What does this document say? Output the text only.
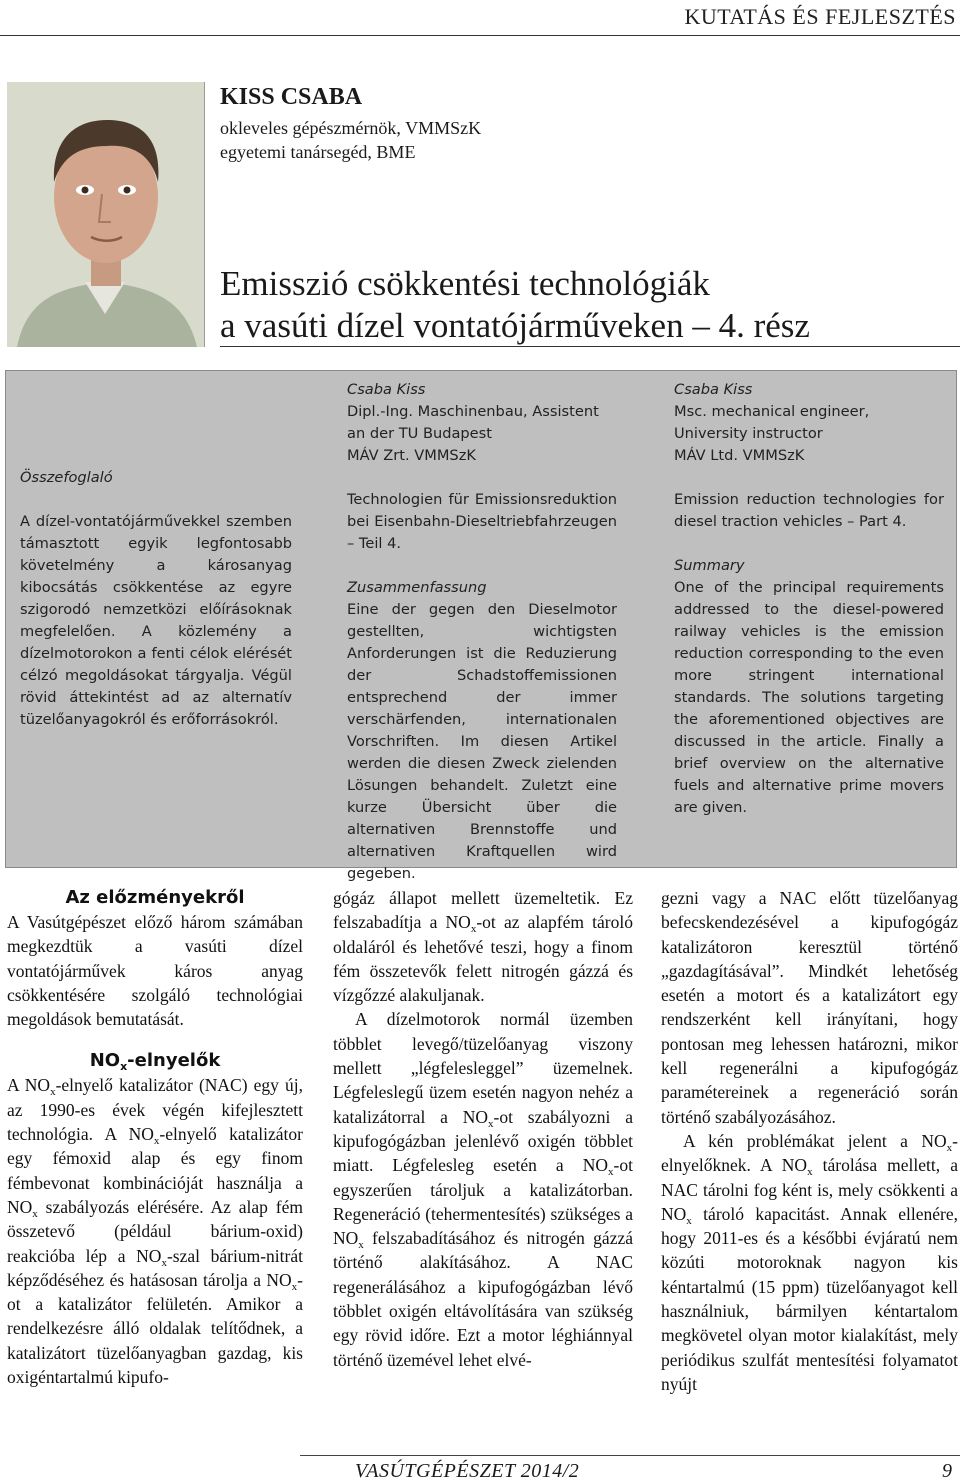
KUTATÁS ÉS FEJLESZTÉS
KISS CSABA
okleveles gépészmérnök, VMMSzK
egyetemi tanársegéd, BME
Emisszió csökkentési technológiák
a vasúti dízel vontatójárműveken – 4. rész

Összefoglaló

A dízel-vontatójárművekkel szemben támasztott egyik legfontosabb követelmény a károsanyag kibocsátás csökkentése az egyre szigorodó nemzetközi előírásoknak megfelelően. A közlemény a dízelmotorokon a fenti célok elérését célzó megoldásokat tárgyalja. Végül rövid áttekintést ad az alternatív tüzelőanyagokról és erőforrásokról.

Csaba Kiss

Dipl.-Ing. Maschinenbau, Assistent an der TU Budapest

MÁV Zrt. VMMSzK

Technologien für Emissionsreduktion bei Eisenbahn-Dieseltriebfahrzeugen – Teil 4.

Zusammenfassung

Eine der gegen den Dieselmotor gestellten, wichtigsten Anforderungen ist die Reduzierung der Schadstoffemissionen entsprechend der immer verschärfenden, internationalen Vorschriften. Im diesen Artikel werden die diesen Zweck zielenden Lösungen behandelt. Zuletzt eine kurze Übersicht über die alternativen Brennstoffe und alternativen Kraftquellen wird gegeben.

Csaba Kiss

Msc. mechanical engineer, University instructor

MÁV Ltd. VMMSzK

Emission reduction technologies for diesel traction vehicles – Part 4.

Summary

One of the principal requirements addressed to the diesel-powered railway vehicles is the emission reduction corresponding to the even more stringent international standards. The solutions targeting the aforementioned objectives are discussed in the article. Finally a brief overview on the alternative fuels and alternative prime movers are given.

Az előzményekről

A Vasútgépészet előző három számában megkezdtük a vasúti dízel vontatójárművek káros anyag csökkentésére szolgáló technológiai megoldások bemutatását.

$NO_x$-elnyelők

A $NO_x$-elnyelő katalizátor (NAC) egy új, az 1990-es évek végén kifejlesztett technológia. A $NO_x$-elnyelő katalizátor egy fémoxid alap és egy finom fémbevonat kombinációját használja a $NO_x$ szabályozás elérésére. Az alap fém összetevő (például bárium-oxid) reakcióba lép a $NO_x$-szal bárium-nitrát képződéséhez és hatásosan tárolja a $NO_x-ot$ a katalizátor felületén. Amikor a rendelkezésre álló oldalak telítődnek, a katalizátort tüzelőanyagban gazdag, kis oxigéntartalmú kipufo-

gógáz állapot mellett üzemeltetik. Ez felszabadítja a $NO_x-ot$ az alapfém tároló oldaláról és lehetővé teszi, hogy a finom fém összetevők felett nitrogén gázzá és vízgőzzé alakuljanak.

A dízelmotorok normál üzemben többlet levegő/tüzelőanyag viszony mellett „légfelesleggel” üzemelnek. Légfeleslegű üzem esetén nagyon nehéz a katalizátorral a $NO_x-ot$ szabályozni a kipufogógázban jelenlévő oxigén többlet miatt. Légfelesleg esetén a $NO_x-ot$ egyszerűen tároljuk a katalizátorban. Regeneráció (tehermentesítés) szükséges a $NO_x$ felszabadításához és nitrogén gázzá történő alakításához. A NAC regenerálásához a kipufogógázban lévő többlet oxigén eltávolítására van szükség egy rövid időre. Ezt a motor léghiánnyal történő üzemével lehet elvé-

gezni vagy a NAC előtt tüzelőanyag befecskendezésével a kipufogógáz katalizátoron keresztül történő „gazdagításával”. Mindkét lehetőség esetén a motort és a katalizátort egy rendszerként kell irányítani, hogy pontosan meg lehessen határozni, mikor kell regenerálni a kipufogógáz paramétereinek a regeneráció során történő szabályozásához.

A kén problémákat jelent a $NO_x$-elnyelőknek. A $NO_x$ tárolása mellett, a NAC tárolni fog ként is, mely csökkenti a $NO_x$ tároló kapacitást. Annak ellenére, hogy 2011-es és a későbbi évjáratú nem közúti motoroknak nagyon kis kéntartalmú (15 ppm) tüzelőanyagot kell használniuk, bármilyen kéntartalom megkövetel olyan motor kialakítást, mely periódikus szulfát mentesítési folyamatot nyújt

VASÚTGÉPÉSZET 2014/2	9
